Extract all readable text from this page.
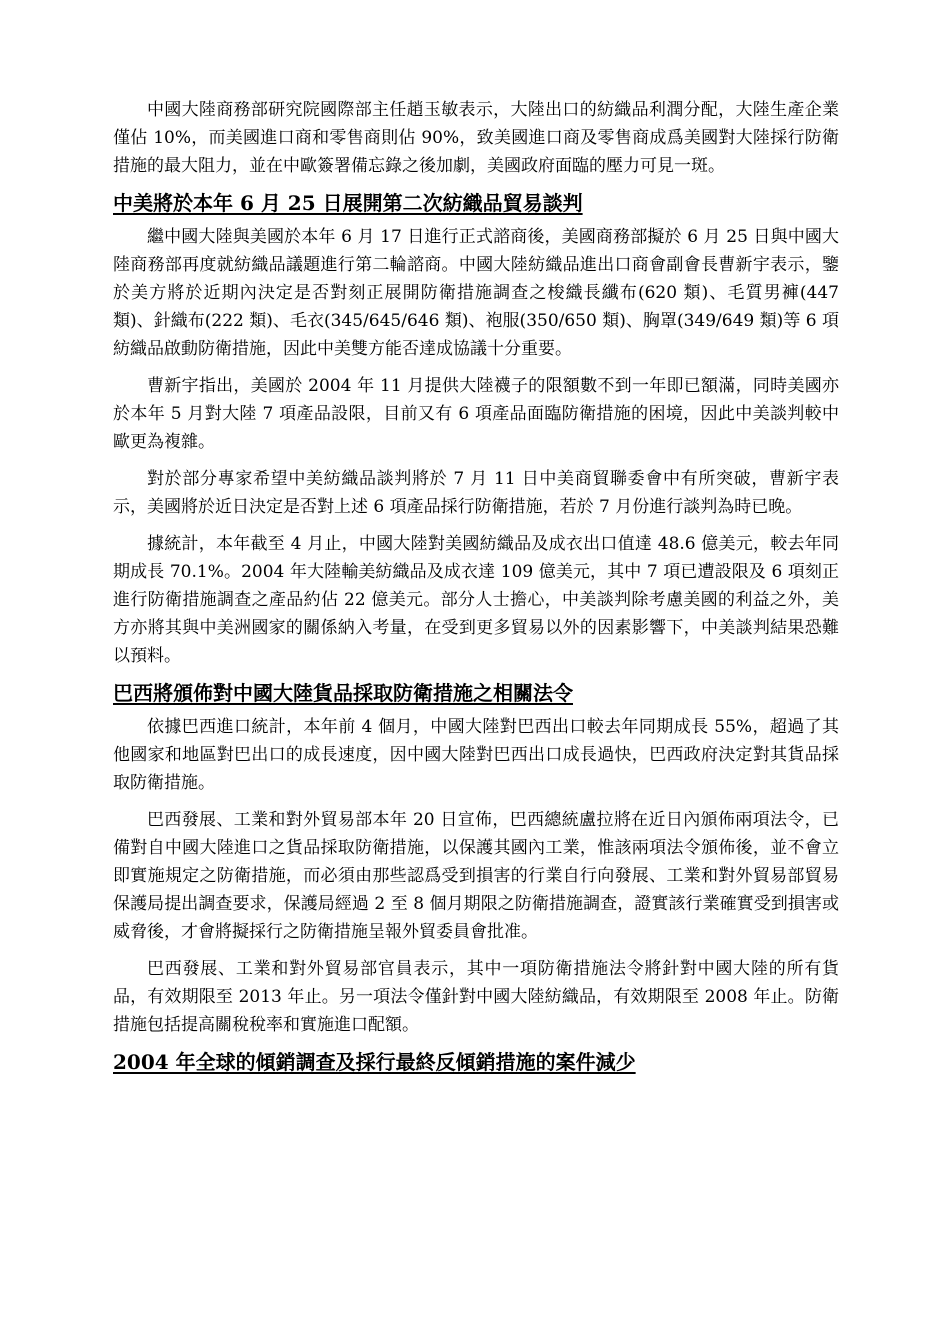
中國大陸商務部研究院國際部主任趙玉敏表示，大陸出口的紡織品利潤分配，大陸生產企業僅佔 10%，而美國進口商和零售商則佔 90%，致美國進口商及零售商成爲美國對大陸採行防衛措施的最大阻力，並在中歐簽署備忘錄之後加劇，美國政府面臨的壓力可見一斑。

中美將於本年 6 月 25 日展開第二次紡織品貿易談判

繼中國大陸與美國於本年 6 月 17 日進行正式諮商後，美國商務部擬於 6 月 25 日與中國大陸商務部再度就紡織品議題進行第二輪諮商。中國大陸紡織品進出口商會副會長曹新宇表示，鑒於美方將於近期內決定是否對刻正展開防衛措施調查之梭織長纖布(620 類)、毛質男褲(447 類)、針織布(222 類)、毛衣(345/645/646 類)、袍服(350/650 類)、胸罩(349/649 類)等 6 項紡織品啟動防衛措施，因此中美雙方能否達成協議十分重要。

曹新宇指出，美國於 2004 年 11 月提供大陸襪子的限額數不到一年即已額滿，同時美國亦於本年 5 月對大陸 7 項產品設限，目前又有 6 項產品面臨防衛措施的困境，因此中美談判較中歐更為複雜。

對於部分專家希望中美紡織品談判將於 7 月 11 日中美商貿聯委會中有所突破，曹新宇表示，美國將於近日決定是否對上述 6 項產品採行防衛措施，若於 7 月份進行談判為時已晚。

據統計，本年截至 4 月止，中國大陸對美國紡織品及成衣出口值達 48.6 億美元，較去年同期成長 70.1%。2004 年大陸輸美紡織品及成衣達 109 億美元，其中 7 項已遭設限及 6 項刻正進行防衛措施調查之產品約佔 22 億美元。部分人士擔心，中美談判除考慮美國的利益之外，美方亦將其與中美洲國家的關係納入考量，在受到更多貿易以外的因素影響下，中美談判結果恐難以預料。

巴西將頒佈對中國大陸貨品採取防衛措施之相關法令

依據巴西進口統計，本年前 4 個月，中國大陸對巴西出口較去年同期成長 55%，超過了其他國家和地區對巴出口的成長速度，因中國大陸對巴西出口成長過快，巴西政府決定對其貨品採取防衛措施。

巴西發展、工業和對外貿易部本年 20 日宣佈，巴西總統盧拉將在近日內頒佈兩項法令，已備對自中國大陸進口之貨品採取防衛措施，以保護其國內工業，惟該兩項法令頒佈後，並不會立即實施規定之防衛措施，而必須由那些認爲受到損害的行業自行向發展、工業和對外貿易部貿易保護局提出調查要求，保護局經過 2 至 8 個月期限之防衛措施調查，證實該行業確實受到損害或威脅後，才會將擬採行之防衛措施呈報外貿委員會批准。

巴西發展、工業和對外貿易部官員表示，其中一項防衛措施法令將針對中國大陸的所有貨品，有效期限至 2013 年止。另一項法令僅針對中國大陸紡織品，有效期限至 2008 年止。防衛措施包括提高關稅稅率和實施進口配額。

2004 年全球的傾銷調查及採行最終反傾銷措施的案件減少
